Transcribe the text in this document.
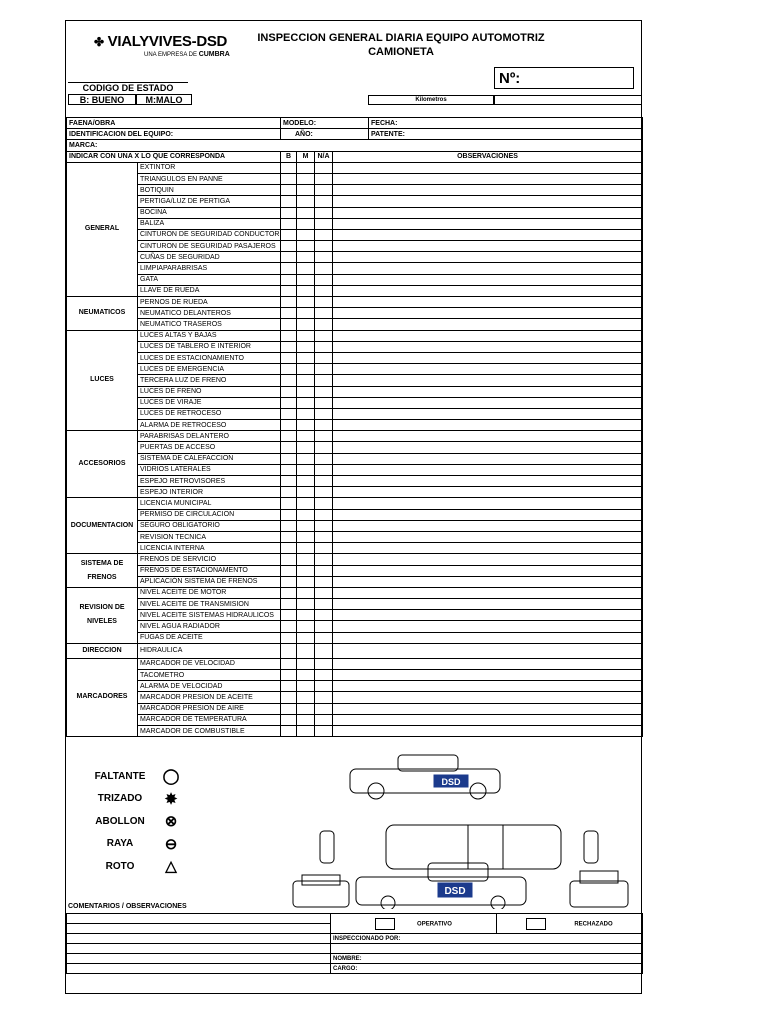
✤ VIALYVIVES-DSD
UNA EMPRESA DE CUMBRA
INSPECCION GENERAL DIARIA EQUIPO AUTOMOTRIZ
CAMIONETA
Nº:
CODIGO DE ESTADO
B: BUENO	M:MALO	Kilometros
FAENA/OBRA		MODELO:				FECHA:
IDENTIFICACION DEL EQUIPO:		AÑO:				PATENTE:
MARCA:						
INDICAR CON UNA X LO QUE CORRESPONDA		B	M	N/A	OBSERVACIONES	
GENERAL	EXTINTOR					
	TRIANGULOS EN PANNE					
	BOTIQUIN					
	PERTIGA/LUZ DE PERTIGA					
	BOCINA					
	BALIZA					
	CINTURON DE SEGURIDAD CONDUCTOR					
	CINTURON DE SEGURIDAD PASAJEROS					
	CUÑAS DE SEGURIDAD					
	LIMPIAPARABRISAS					
	GATA					
	LLAVE DE RUEDA					
NEUMATICOS	PERNOS DE RUEDA					
	NEUMATICO DELANTEROS					
	NEUMATICO TRASEROS					
LUCES	LUCES ALTAS Y BAJAS					
	LUCES DE TABLERO E INTERIOR					
	LUCES DE ESTACIONAMIENTO					
	LUCES DE EMERGENCIA					
	TERCERA LUZ DE FRENO					
	LUCES DE FRENO					
	LUCES DE VIRAJE					
	LUCES DE RETROCESO					
	ALARMA DE RETROCESO					
ACCESORIOS	PARABRISAS DELANTERO					
	PUERTAS DE ACCESO					
	SISTEMA DE CALEFACCION					
	VIDRIOS LATERALES					
	ESPEJO RETROVISORES					
	ESPEJO INTERIOR					
DOCUMENTACION	LICENCIA MUNICIPAL					
	PERMISO DE CIRCULACION					
	SEGURO OBLIGATORIO					
	REVISION TECNICA					
	LICENCIA INTERNA					
SISTEMA DE FRENOS	FRENOS DE SERVICIO					
	FRENOS DE ESTACIONAMENTO					
	APLICACIÓN SISTEMA DE FRENOS					
REVISION DE NIVELES	NIVEL ACEITE DE MOTOR					
	NIVEL ACEITE DE TRANSMISION					
	NIVEL ACEITE SISTEMAS HIDRAULICOS					
	NIVEL AGUA RADIADOR					
	FUGAS DE ACEITE					
DIRECCION	HIDRAULICA					
MARCADORES	MARCADOR DE VELOCIDAD					
	TACOMETRO					
	ALARMA DE VELOCIDAD					
	MARCADOR PRESION DE ACEITE					
	MARCADOR PRESION DE AIRE					
	MARCADOR DE TEMPERATURA					
	MARCADOR DE COMBUSTIBLE					
FALTANTE	◯
TRIZADO	✸
ABOLLON	⊗
RAYA	⊖
ROTO	△
DSD
DSD
COMENTARIOS / OBSERVACIONES
	OPERATIVO	RECHAZADO

	INSPECCIONADO POR:	

	NOMBRE:	
	CARGO:	
